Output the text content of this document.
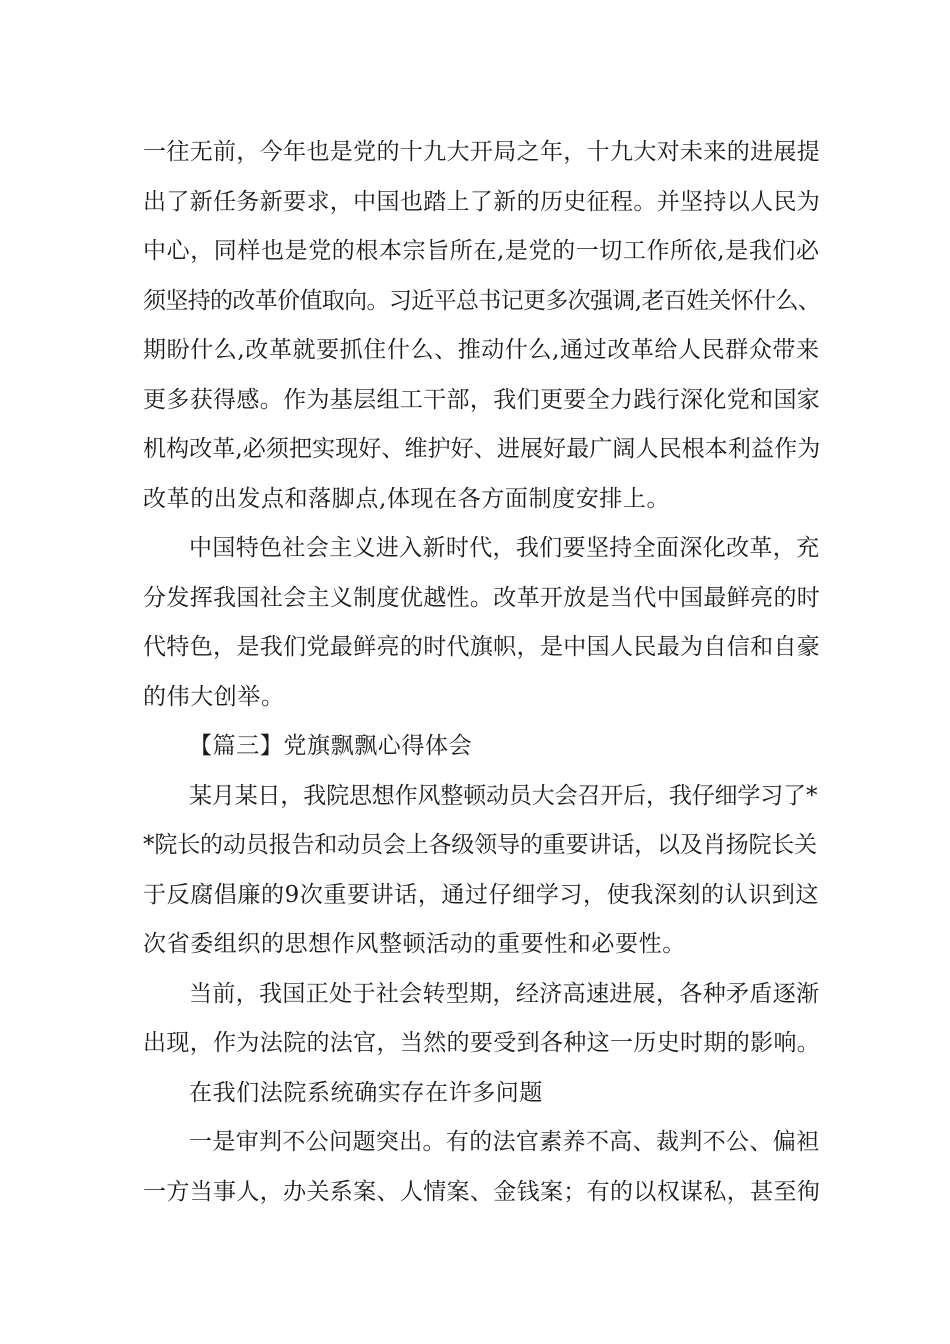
一往无前，今年也是党的十九大开局之年，十九大对未来的进展提
出了新任务新要求，中国也踏上了新的历史征程。并坚持以人民为
中心，同样也是党的根本宗旨所在,是党的一切工作所依,是我们必
须坚持的改革价值取向。习近平总书记更多次强调,老百姓关怀什么、
期盼什么,改革就要抓住什么、推动什么,通过改革给人民群众带来
更多获得感。作为基层组工干部，我们更要全力践行深化党和国家
机构改革,必须把实现好、维护好、进展好最广阔人民根本利益作为
改革的出发点和落脚点,体现在各方面制度安排上。
中国特色社会主义进入新时代，我们要坚持全面深化改革，充
分发挥我国社会主义制度优越性。改革开放是当代中国最鲜亮的时
代特色，是我们党最鲜亮的时代旗帜，是中国人民最为自信和自豪
的伟大创举。
【篇三】党旗飘飘心得体会
某月某日，我院思想作风整顿动员大会召开后，我仔细学习了*
*院长的动员报告和动员会上各级领导的重要讲话，以及肖扬院长关
于反腐倡廉的9次重要讲话，通过仔细学习，使我深刻的认识到这
次省委组织的思想作风整顿活动的重要性和必要性。
当前，我国正处于社会转型期，经济高速进展，各种矛盾逐渐
出现，作为法院的法官，当然的要受到各种这一历史时期的影响。
在我们法院系统确实存在许多问题
一是审判不公问题突出。有的法官素养不高、裁判不公、偏袒
一方当事人，办关系案、人情案、金钱案；有的以权谋私，甚至徇
